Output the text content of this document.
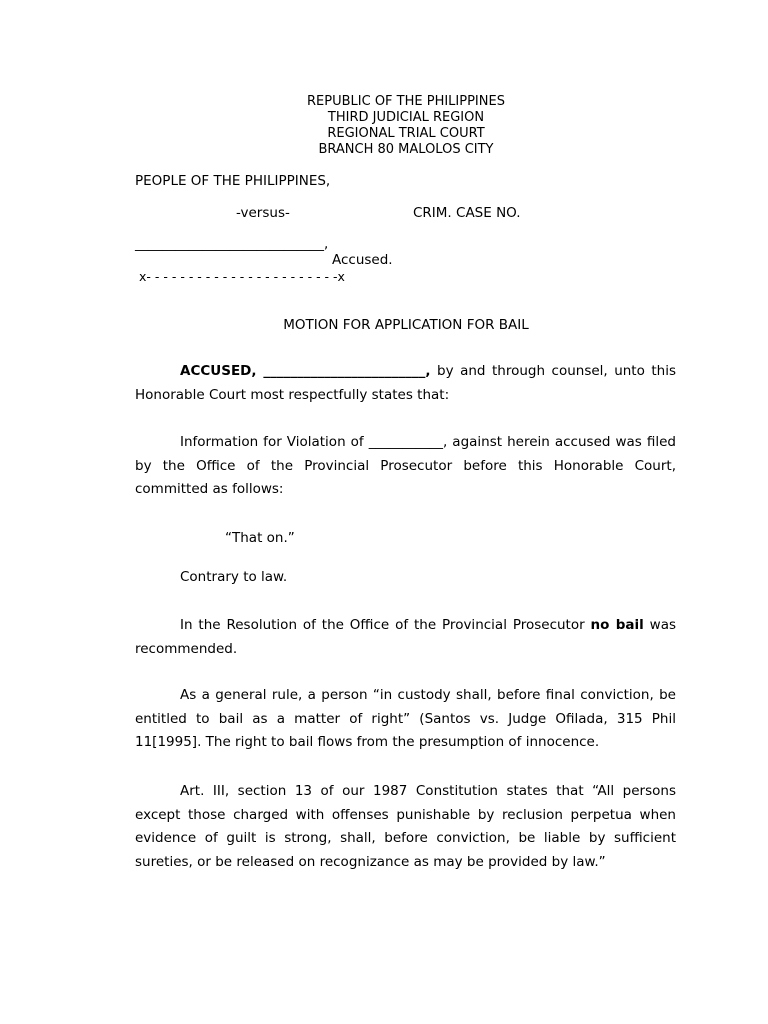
REPUBLIC OF THE PHILIPPINES
THIRD JUDICIAL REGION
REGIONAL TRIAL COURT
BRANCH 80 MALOLOS CITY
PEOPLE OF THE PHILIPPINES,
-versus-	CRIM. CASE NO.
____________________________,
Accused.
x- - - - - - - - - - - - - - - - - - - - - - -x
MOTION FOR APPLICATION FOR BAIL
ACCUSED, ________________________, by and through counsel, unto this Honorable Court most respectfully states that:
Information for Violation of ___________, against herein accused was filed by the Office of the Provincial Prosecutor before this Honorable Court, committed as follows:
“That on.”
Contrary to law.
In the Resolution of the Office of the Provincial Prosecutor no bail was recommended.
As a general rule, a person “in custody shall, before final conviction, be entitled to bail as a matter of right” (Santos vs. Judge Ofilada, 315 Phil 11[1995]. The right to bail flows from the presumption of innocence.
Art. III, section 13 of our 1987 Constitution states that “All persons except those charged with offenses punishable by reclusion perpetua when evidence of guilt is strong, shall, before conviction, be liable by sufficient sureties, or be released on recognizance as may be provided by law.”
